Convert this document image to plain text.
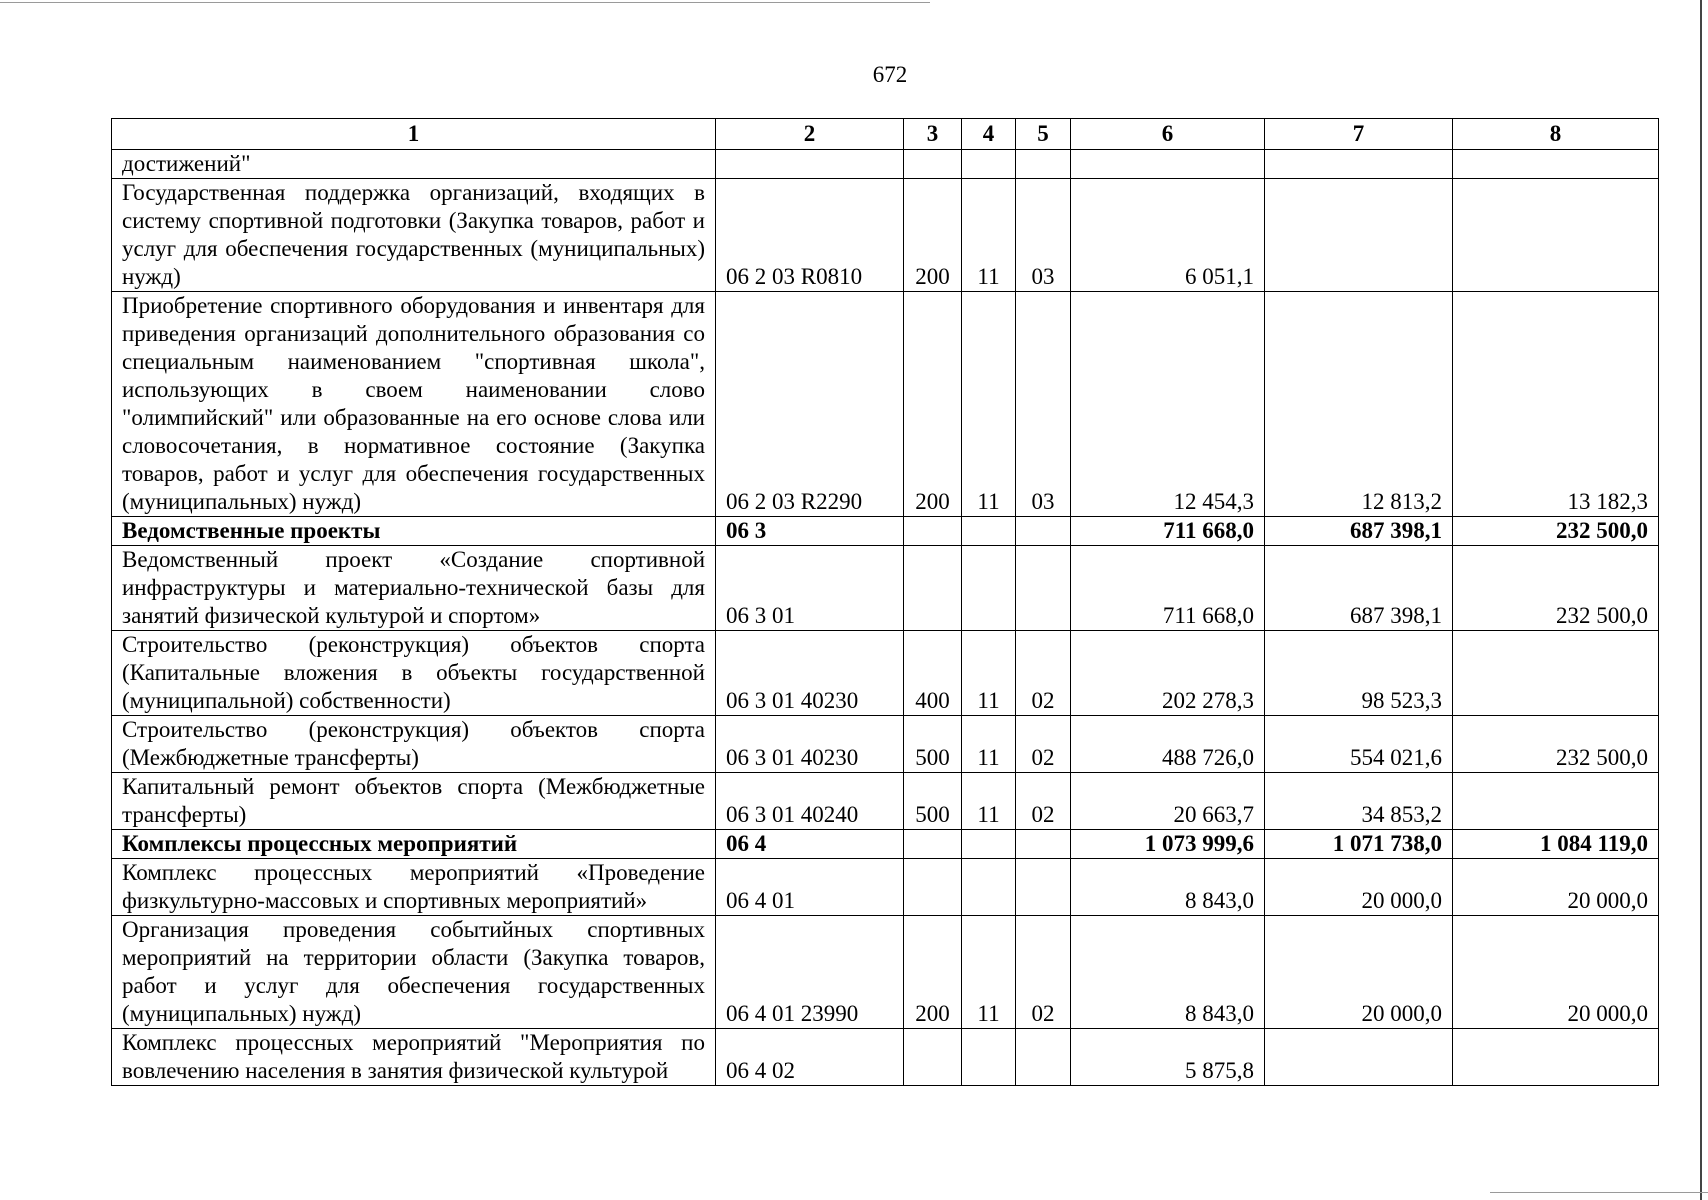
672
1	2	3	4	5	6	7	8
достижений"							
Государственная поддержка организаций, входящих в систему спортивной подготовки (Закупка товаров, работ и услуг для обеспечения государственных (муниципальных) нужд)	06 2 03 R0810	200	11	03	6 051,1		
Приобретение спортивного оборудования и инвентаря для приведения организаций дополнительного образования со специальным наименованием "спортивная школа", использующих в своем наименовании слово "олимпийский" или образованные на его основе слова или словосочетания, в нормативное состояние (Закупка товаров, работ и услуг для обеспечения государственных (муниципальных) нужд)	06 2 03 R2290	200	11	03	12 454,3	12 813,2	13 182,3
Ведомственные проекты	06 3				711 668,0	687 398,1	232 500,0
Ведомственный проект «Создание спортивной инфраструктуры и материально-технической базы для занятий физической культурой и спортом»	06 3 01				711 668,0	687 398,1	232 500,0
Строительство (реконструкция) объектов спорта (Капитальные вложения в объекты государственной (муниципальной) собственности)	06 3 01 40230	400	11	02	202 278,3	98 523,3	
Строительство (реконструкция) объектов спорта (Межбюджетные трансферты)	06 3 01 40230	500	11	02	488 726,0	554 021,6	232 500,0
Капитальный ремонт объектов спорта (Межбюджетные трансферты)	06 3 01 40240	500	11	02	20 663,7	34 853,2	
Комплексы процессных мероприятий	06 4				1 073 999,6	1 071 738,0	1 084 119,0
Комплекс процессных мероприятий «Проведение физкультурно-массовых и спортивных мероприятий»	06 4 01				8 843,0	20 000,0	20 000,0
Организация проведения событийных спортивных мероприятий на территории области (Закупка товаров, работ и услуг для обеспечения государственных (муниципальных) нужд)	06 4 01 23990	200	11	02	8 843,0	20 000,0	20 000,0
Комплекс процессных мероприятий "Мероприятия по вовлечению населения в занятия физической культурой	06 4 02				5 875,8		
